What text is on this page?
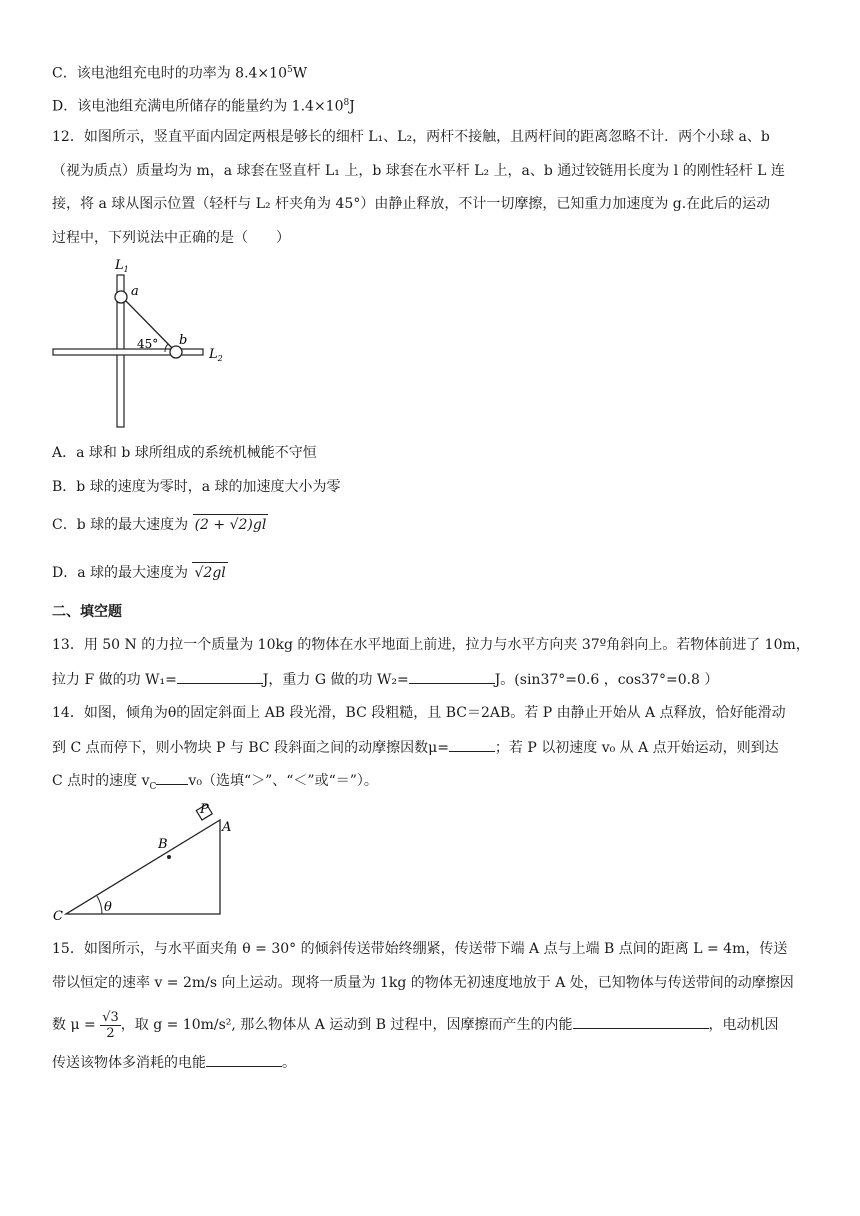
C．该电池组充电时的功率为 $8.4\times 10^5W$
D．该电池组充满电所储存的能量约为 $1.4\times 10^8J$
12．如图所示，竖直平面内固定两根是够长的细杆 L₁、L₂，两杆不接触，且两杆间的距离忽略不计．两个小球 a、b
（视为质点）质量均为 m，a 球套在竖直杆 L₁ 上，b 球套在水平杆 L₂ 上，a、b 通过铰链用长度为 l 的刚性轻杆 L 连
接，将 a 球从图示位置（轻杆与 L₂ 杆夹角为 45°）由静止释放，不计一切摩擦，已知重力加速度为 g.在此后的运动
过程中，下列说法中正确的是（　　）
$L_1$
a
b
45°
$L_2$
A．a 球和 b 球所组成的系统机械能不守恒
B．b 球的速度为零时，a 球的加速度大小为零
C．b 球的最大速度为 (2 + √2)gl
D．a 球的最大速度为 √2gl
二、填空题
13．用 50 N 的力拉一个质量为 10kg 的物体在水平地面上前进，拉力与水平方向夹 37º角斜向上。若物体前进了 10m，
拉力 F 做的功 W₁=	J，重力 G 做的功 W₂=	J。(sin37°=0.6 ，cos37°=0.8 ）
14．如图，倾角为θ的固定斜面上 AB 段光滑，BC 段粗糙，且 BC＝2AB。若 P 由静止开始从 A 点释放，恰好能滑动
到 C 点而停下，则小物块 P 与 BC 段斜面之间的动摩擦因数μ=	；若 P 以初速度 v₀ 从 A 点开始运动，则到达
C 点时的速度 $v_C$ v₀（选填“＞”、“＜”或“＝”）。
P
A
B
C
θ
15．如图所示，与水平面夹角 θ = 30° 的倾斜传送带始终绷紧，传送带下端 A 点与上端 B 点间的距离 L = 4m，传送
带以恒定的速率 v = 2m/s 向上运动。现将一质量为 1kg 的物体无初速度地放于 A 处，已知物体与传送带间的动摩擦因
数 $\mu = \frac{√3}{2}$ ，取 g = 10m/s², 那么物体从 A 运动到 B 过程中，因摩擦而产生的内能	，电动机因
传送该物体多消耗的电能	。
